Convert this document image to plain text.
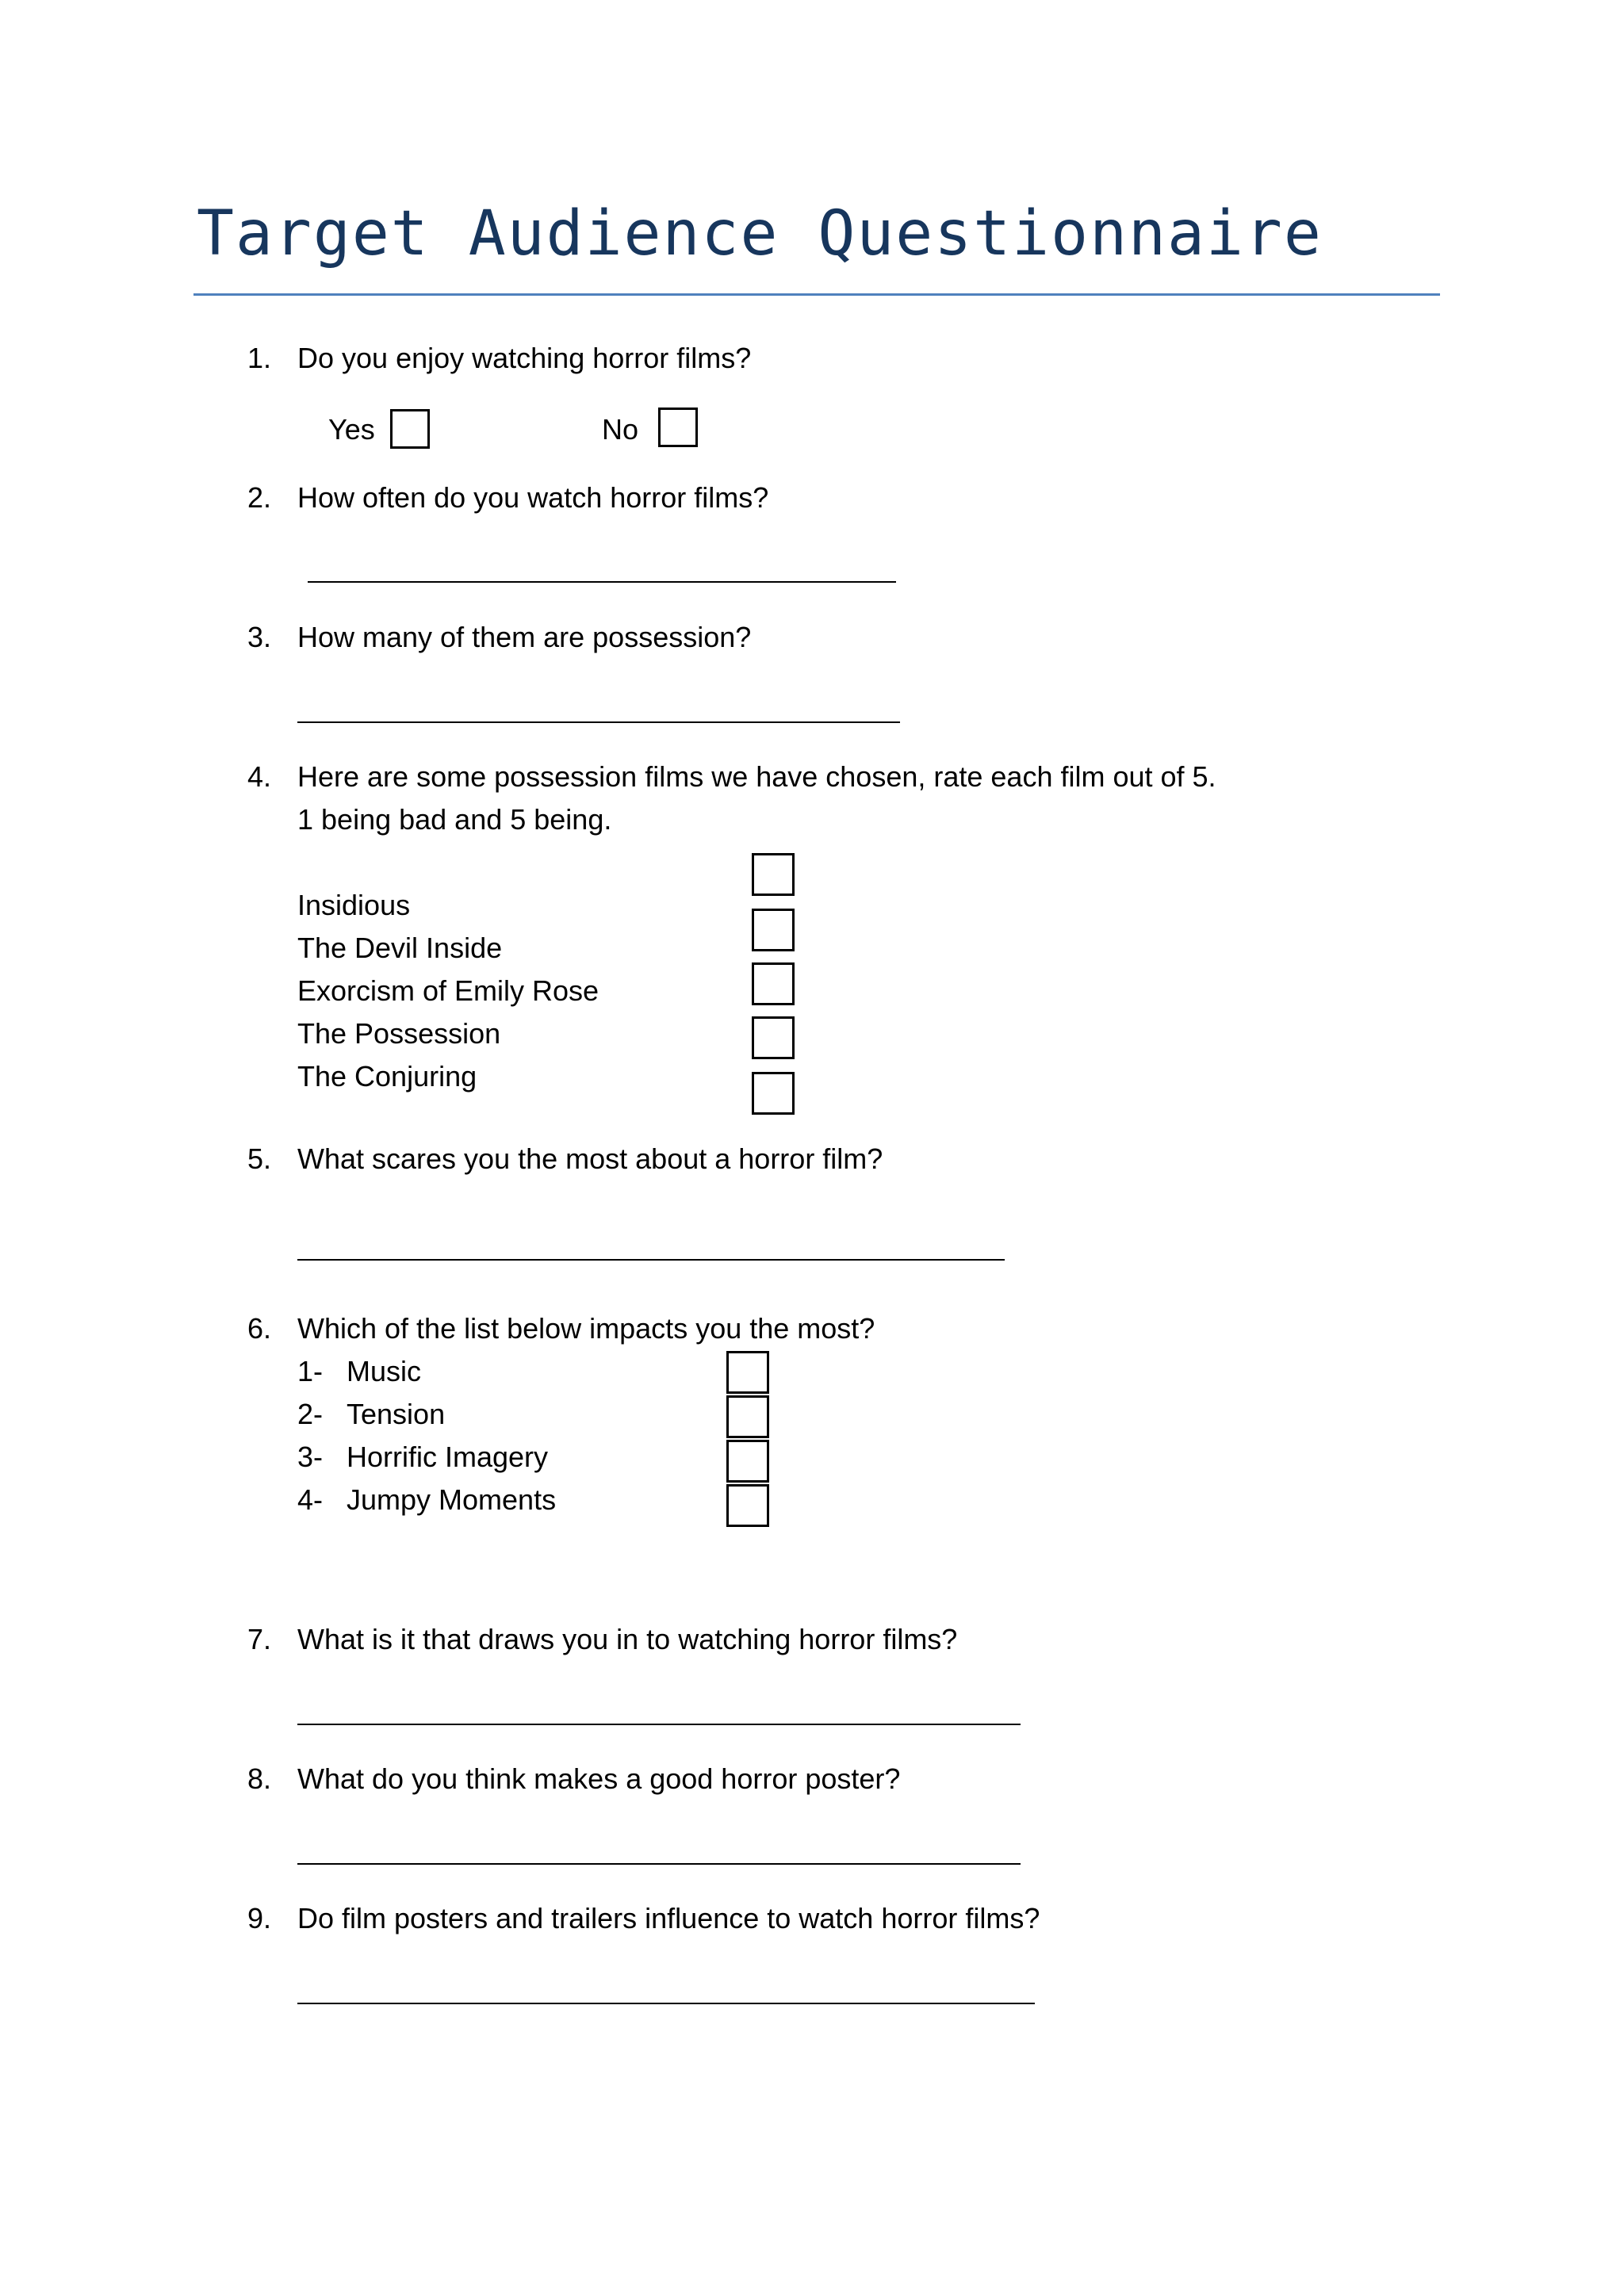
Target Audience Questionnaire
1. Do you enjoy watching horror films?
Yes	No
2. How often do you watch horror films?
3. How many of them are possession?
4. Here are some possession films we have chosen, rate each film out of 5.
1 being bad and 5 being.
Insidious
The Devil Inside
Exorcism of Emily Rose
The Possession
The Conjuring
5. What scares you the most about a horror film?
6. Which of the list below impacts you the most?
1- Music
2- Tension
3- Horrific Imagery
4- Jumpy Moments
7. What is it that draws you in to watching horror films?
8. What do you think makes a good horror poster?
9. Do film posters and trailers influence to watch horror films?
